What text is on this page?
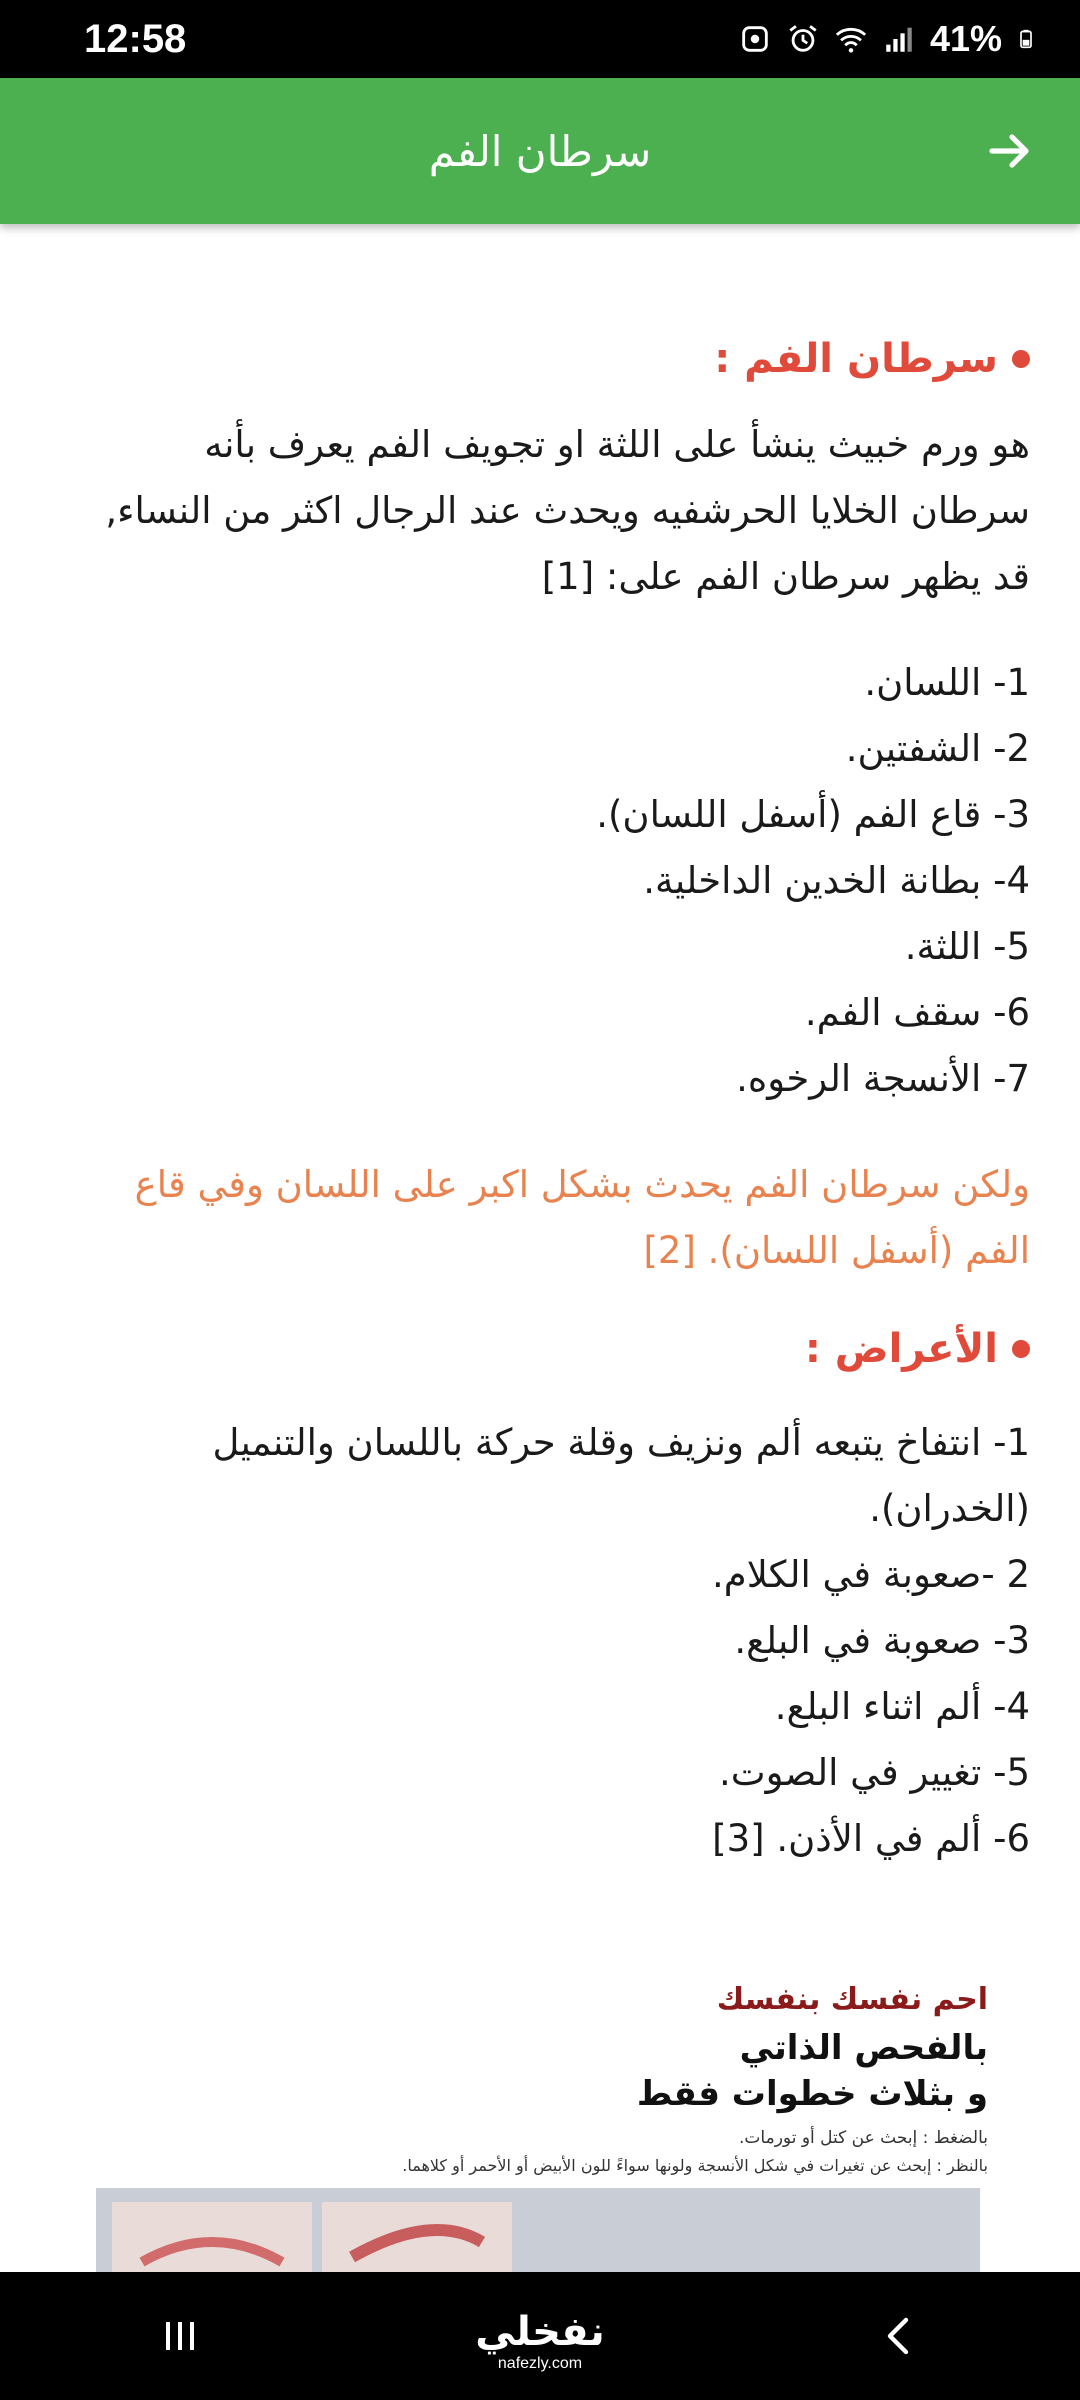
12:58	41%
سرطان الفم
سرطان الفم :

هو ورم خبيث ينشأ على اللثة او تجويف الفم يعرف بأنه
سرطان الخلايا الحرشفيه ويحدث عند الرجال اكثر من النساء,
قد يظهر سرطان الفم على: [1]

1- اللسان.
2- الشفتين.
3- قاع الفم (أسفل اللسان).
4- بطانة الخدين الداخلية.
5- اللثة.
6- سقف الفم.
7- الأنسجة الرخوه.

ولكن سرطان الفم يحدث بشكل اكبر على اللسان وفي قاع
الفم (أسفل اللسان). [2]

الأعراض :
1- انتفاخ يتبعه ألم ونزيف وقلة حركة باللسان والتنميل
(الخدران).
2 -صعوبة في الكلام.
3- صعوبة في البلع.
4- ألم اثناء البلع.
5- تغيير في الصوت.
6- ألم في الأذن. [3]
احم نفسك بنفسك
بالفحص الذاتي
و بثلاث خطوات فقط
بالضغط : إبحث عن كتل أو تورمات.
بالنظر : إبحث عن تغيرات في شكل الأنسجة ولونها سواءً للون الأبيض أو الأحمر أو كلاهما.
نفخلي
nafezly.com
